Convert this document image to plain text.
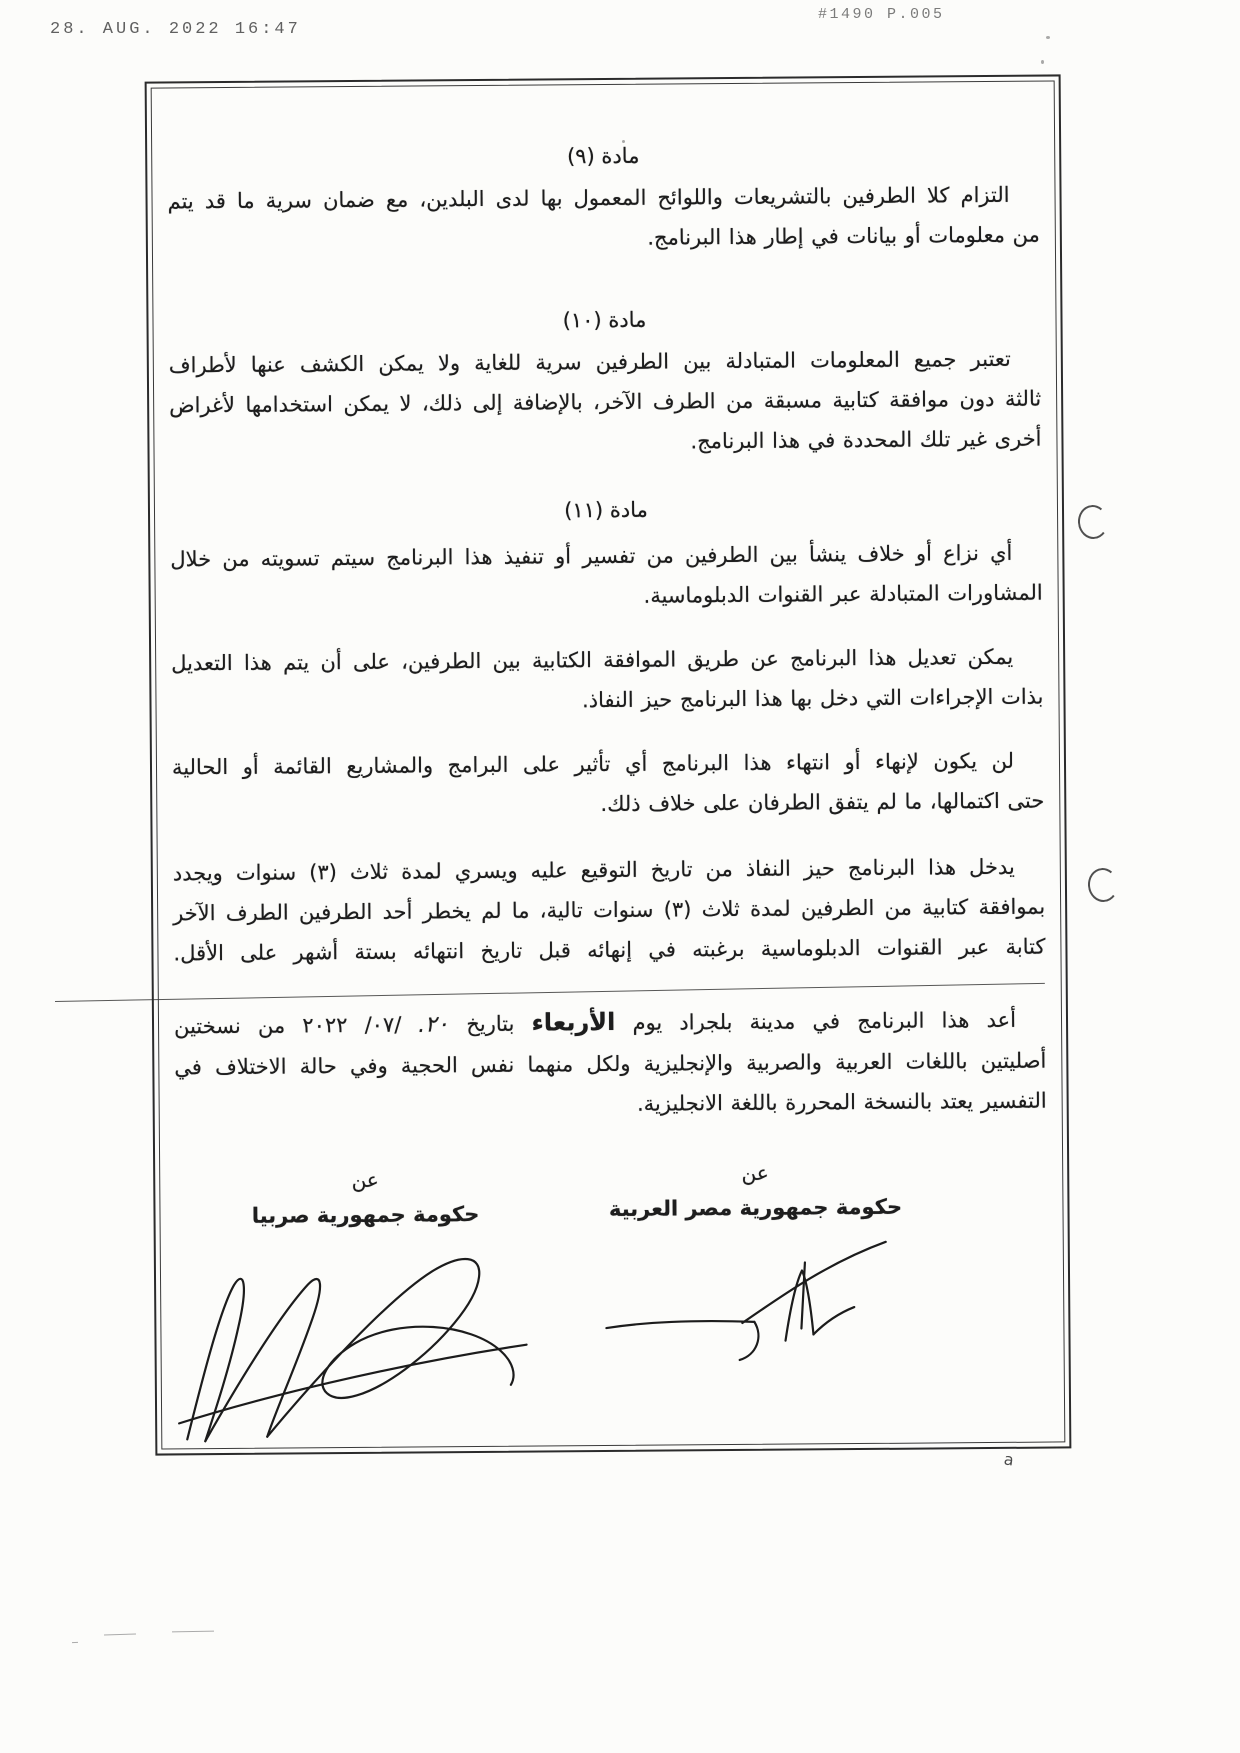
28. AUG. 2022 16:47
#1490 P.005
a
مادة (٩)
التزام كلا الطرفين بالتشريعات واللوائح المعمول بها لدى البلدين، مع ضمان سرية ما قد يتم
من معلومات أو بيانات في إطار هذا البرنامج.
مادة (١٠)
تعتبر جميع المعلومات المتبادلة بين الطرفين سرية للغاية ولا يمكن الكشف عنها لأطراف
ثالثة دون موافقة كتابية مسبقة من الطرف الآخر، بالإضافة إلى ذلك، لا يمكن استخدامها لأغراض
أخرى غير تلك المحددة في هذا البرنامج.
مادة (١١)
أي نزاع أو خلاف ينشأ بين الطرفين من تفسير أو تنفيذ هذا البرنامج سيتم تسويته من خلال
المشاورات المتبادلة عبر القنوات الدبلوماسية.
يمكن تعديل هذا البرنامج عن طريق الموافقة الكتابية بين الطرفين، على أن يتم هذا التعديل
بذات الإجراءات التي دخل بها هذا البرنامج حيز النفاذ.
لن يكون لإنهاء أو انتهاء هذا البرنامج أي تأثير على البرامج والمشاريع القائمة أو الحالية
حتى اكتمالها، ما لم يتفق الطرفان على خلاف ذلك.
يدخل هذا البرنامج حيز النفاذ من تاريخ التوقيع عليه ويسري لمدة ثلاث (٣) سنوات ويجدد
بموافقة كتابية من الطرفين لمدة ثلاث (٣) سنوات تالية، ما لم يخطر أحد الطرفين الطرف الآخر
كتابة عبر القنوات الدبلوماسية برغبته في إنهائه قبل تاريخ انتهائه بستة أشهر على الأقل.
أعد هذا البرنامج في مدينة بلجراد يوم الأربعاء بتاريخ ٢٠. /٠٧/ ٢٠٢٢ من نسختين
أصليتين باللغات العربية والصربية والإنجليزية ولكل منهما نفس الحجية وفي حالة الاختلاف في
التفسير يعتد بالنسخة المحررة باللغة الانجليزية.
عن
حكومة جمهورية مصر العربية
عن
حكومة جمهورية صربيا
